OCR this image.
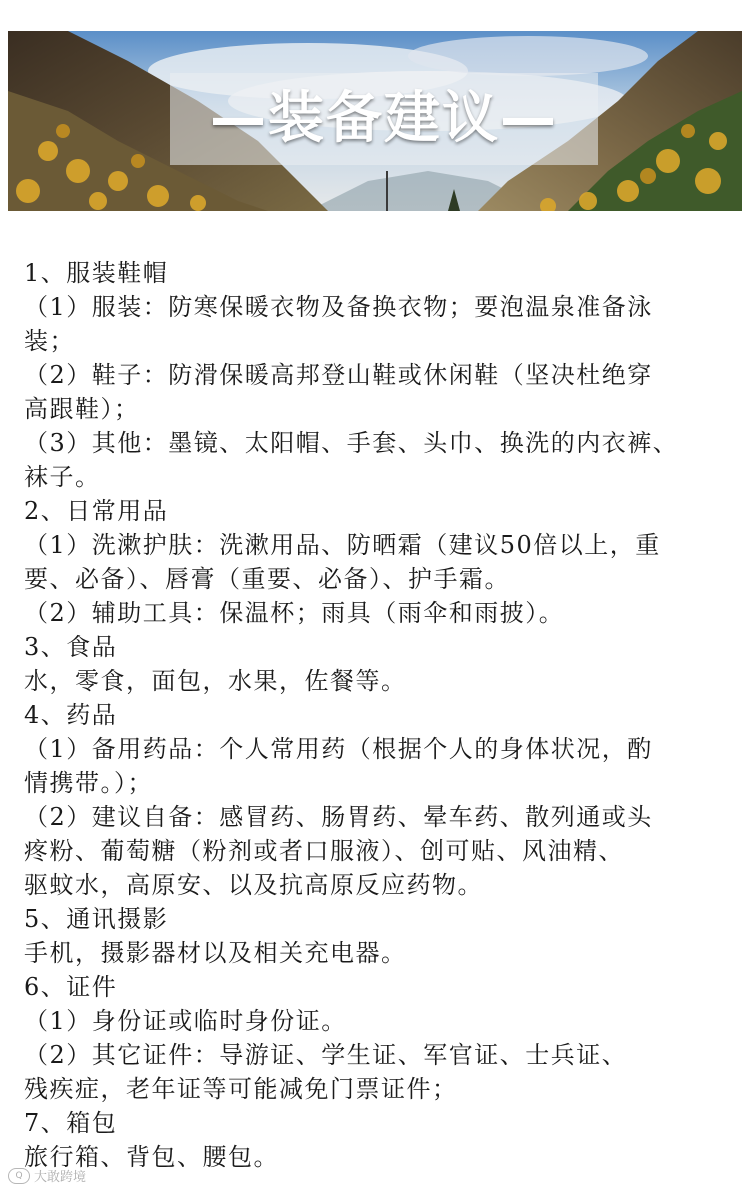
—装备建议—
1、服装鞋帽
（1）服装：防寒保暖衣物及备换衣物；要泡温泉准备泳
装；
（2）鞋子：防滑保暖高邦登山鞋或休闲鞋（坚决杜绝穿
高跟鞋）；
（3）其他：墨镜、太阳帽、手套、头巾、换洗的内衣裤、
袜子。
2、日常用品
（1）洗漱护肤：洗漱用品、防晒霜（建议50倍以上，重
要、必备）、唇膏（重要、必备）、护手霜。
（2）辅助工具：保温杯；雨具（雨伞和雨披）。
3、食品
水，零食，面包，水果，佐餐等。
4、药品
（1）备用药品：个人常用药（根据个人的身体状况，酌
情携带。）；
（2）建议自备：感冒药、肠胃药、晕车药、散列通或头
疼粉、葡萄糖（粉剂或者口服液）、创可贴、风油精、
驱蚊水，高原安、以及抗高原反应药物。
5、通讯摄影
手机，摄影器材以及相关充电器。
6、证件
（1）身份证或临时身份证。
（2）其它证件：导游证、学生证、军官证、士兵证、
残疾症，老年证等可能减免门票证件；
7、箱包
旅行箱、背包、腰包。
Q 大敢跨境
